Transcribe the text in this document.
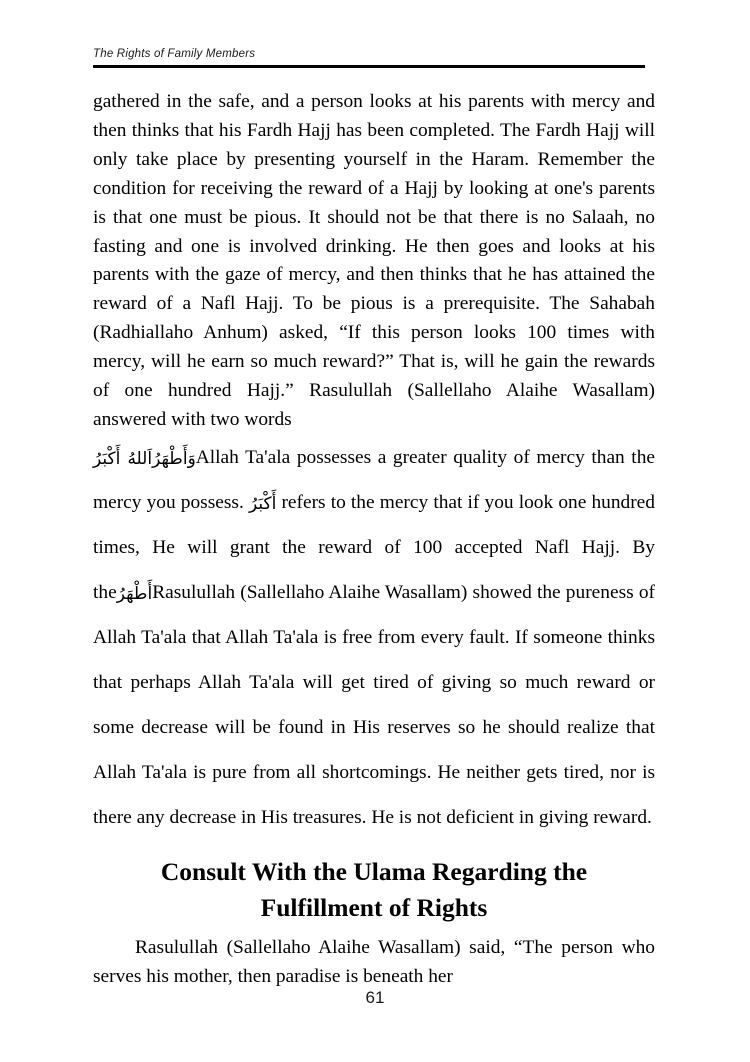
The Rights of Family Members

gathered in the safe, and a person looks at his parents with mercy and then thinks that his Fardh Hajj has been completed. The Fardh Hajj will only take place by presenting yourself in the Haram. Remember the condition for receiving the reward of a Hajj by looking at one's parents is that one must be pious. It should not be that there is no Salaah, no fasting and one is involved drinking. He then goes and looks at his parents with the gaze of mercy, and then thinks that he has attained the reward of a Nafl Hajj. To be pious is a prerequisite. The Sahabah (Radhiallaho Anhum) asked, “If this person looks 100 times with mercy, will he earn so much reward?” That is, will he gain the rewards of one hundred Hajj.” Rasulullah (Sallellaho Alaihe Wasallam) answered with two words

اَللهُ أَكْبَرُوَأَطْهَرُAllah Ta'ala possesses a greater quality of mercy than the mercy you possess. أَكْبَرُ refers to the mercy that if you look one hundred times, He will grant the reward of 100 accepted Nafl Hajj. By theأَطْهَرُRasulullah (Sallellaho Alaihe Wasallam) showed the pureness of Allah Ta'ala that Allah Ta'ala is free from every fault. If someone thinks that perhaps Allah Ta'ala will get tired of giving so much reward or some decrease will be found in His reserves so he should realize that Allah Ta'ala is pure from all shortcomings. He neither gets tired, nor is there any decrease in His treasures. He is not deficient in giving reward.
Consult With the Ulama Regarding the
Fulfillment of Rights

Rasulullah (Sallellaho Alaihe Wasallam) said, “The person who serves his mother, then paradise is beneath her

61
